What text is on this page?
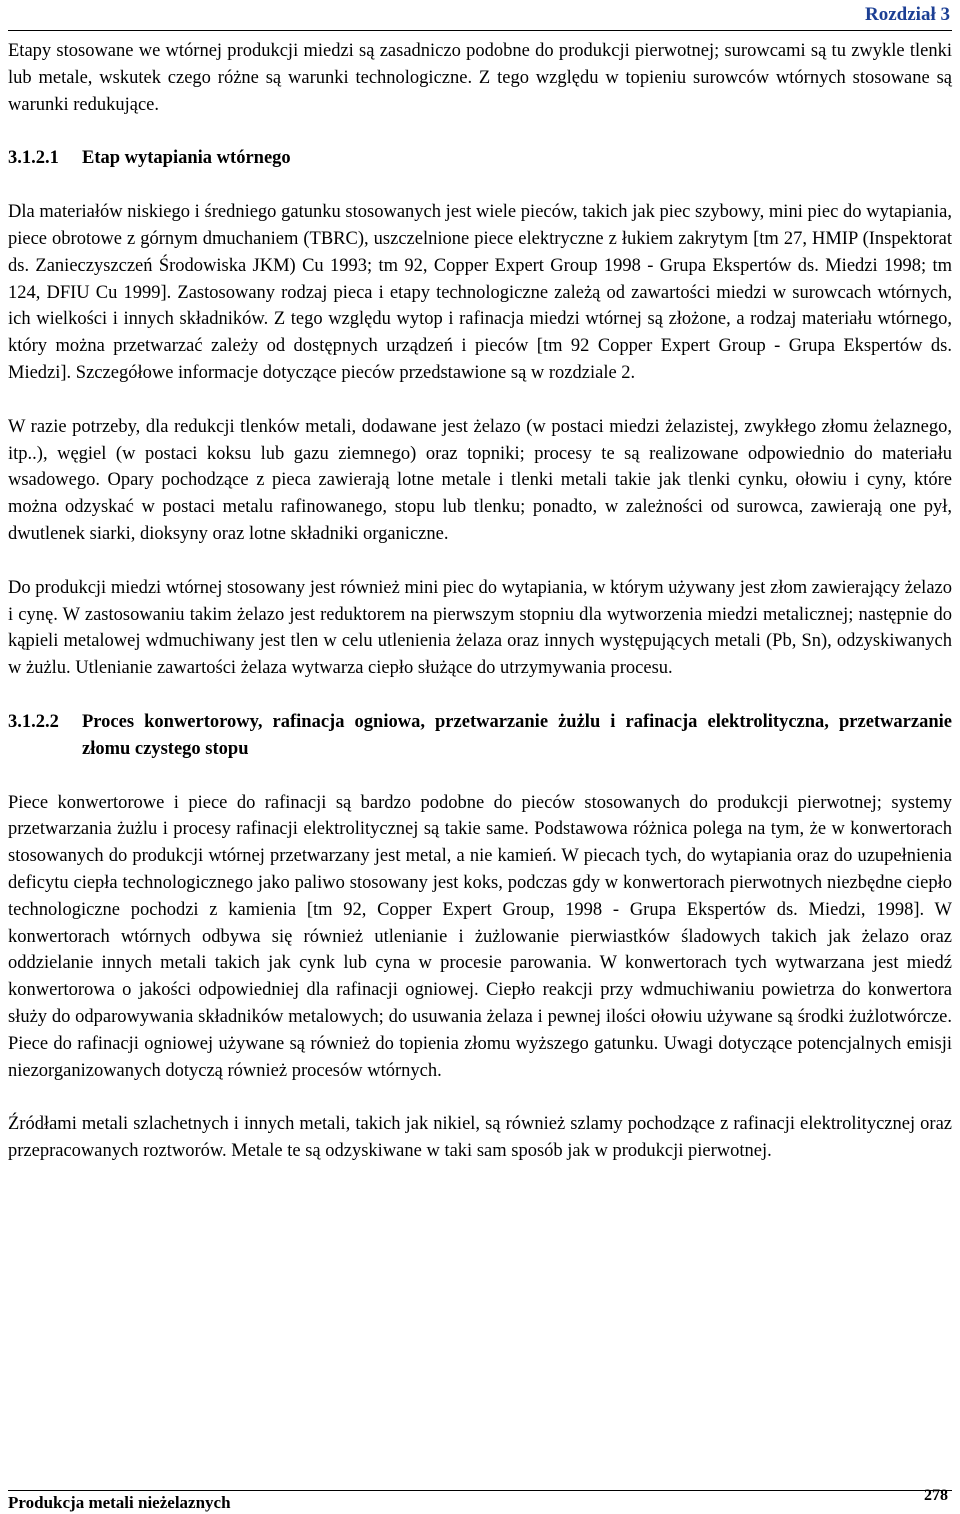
Rozdział 3

Etapy stosowane we wtórnej produkcji miedzi są zasadniczo podobne do produkcji pierwotnej; surowcami są tu zwykle tlenki lub metale, wskutek czego różne są warunki technologiczne. Z tego względu w topieniu surowców wtórnych stosowane są warunki redukujące.

3.1.2.1	Etap wytapiania wtórnego

Dla materiałów niskiego i średniego gatunku stosowanych jest wiele pieców, takich jak piec szybowy, mini piec do wytapiania, piece obrotowe z górnym dmuchaniem (TBRC), uszczelnione piece elektryczne z łukiem zakrytym [tm 27, HMIP (Inspektorat ds. Zanieczyszczeń Środowiska JKM) Cu 1993; tm 92, Copper Expert Group 1998 - Grupa Ekspertów ds. Miedzi 1998; tm 124, DFIU Cu 1999]. Zastosowany rodzaj pieca i etapy technologiczne zależą od zawartości miedzi w surowcach wtórnych, ich wielkości i innych składników. Z tego względu wytop i rafinacja miedzi wtórnej są złożone, a rodzaj materiału wtórnego, który można przetwarzać zależy od dostępnych urządzeń i pieców [tm 92 Copper Expert Group - Grupa Ekspertów ds. Miedzi]. Szczegółowe informacje dotyczące pieców przedstawione są w rozdziale 2.

W razie potrzeby, dla redukcji tlenków metali, dodawane jest żelazo (w postaci miedzi żelazistej, zwykłego złomu żelaznego, itp..), węgiel (w postaci koksu lub gazu ziemnego) oraz topniki; procesy te są realizowane odpowiednio do materiału wsadowego. Opary pochodzące z pieca zawierają lotne metale i tlenki metali takie jak tlenki cynku, ołowiu i cyny, które można odzyskać w postaci metalu rafinowanego, stopu lub tlenku; ponadto, w zależności od surowca, zawierają one pył, dwutlenek siarki, dioksyny oraz lotne składniki organiczne.

Do produkcji miedzi wtórnej stosowany jest również mini piec do wytapiania, w którym używany jest złom zawierający żelazo i cynę. W zastosowaniu takim żelazo jest reduktorem na pierwszym stopniu dla wytworzenia miedzi metalicznej; następnie do kąpieli metalowej wdmuchiwany jest tlen w celu utlenienia żelaza oraz innych występujących metali (Pb, Sn), odzyskiwanych w żużlu. Utlenianie zawartości żelaza wytwarza ciepło służące do utrzymywania procesu.

3.1.2.2	Proces konwertorowy, rafinacja ogniowa, przetwarzanie żużlu i rafinacja elektrolityczna, przetwarzanie złomu czystego stopu

Piece konwertorowe i piece do rafinacji są bardzo podobne do pieców stosowanych do produkcji pierwotnej; systemy przetwarzania żużlu i procesy rafinacji elektrolitycznej są takie same. Podstawowa różnica polega na tym, że w konwertorach stosowanych do produkcji wtórnej przetwarzany jest metal, a nie kamień. W piecach tych, do wytapiania oraz do uzupełnienia deficytu ciepła technologicznego jako paliwo stosowany jest koks, podczas gdy w konwertorach pierwotnych niezbędne ciepło technologiczne pochodzi z kamienia [tm 92, Copper Expert Group, 1998 - Grupa Ekspertów ds. Miedzi, 1998]. W konwertorach wtórnych odbywa się również utlenianie i żużlowanie pierwiastków śladowych takich jak żelazo oraz oddzielanie innych metali takich jak cynk lub cyna w procesie parowania. W konwertorach tych wytwarzana jest miedź konwertorowa o jakości odpowiedniej dla rafinacji ogniowej. Ciepło reakcji przy wdmuchiwaniu powietrza do konwertora służy do odparowywania składników metalowych; do usuwania żelaza i pewnej ilości ołowiu używane są środki żużlotwórcze. Piece do rafinacji ogniowej używane są również do topienia złomu wyższego gatunku. Uwagi dotyczące potencjalnych emisji niezorganizowanych dotyczą również procesów wtórnych.

Źródłami metali szlachetnych i innych metali, takich jak nikiel, są również szlamy pochodzące z rafinacji elektrolitycznej oraz przepracowanych roztworów. Metale te są odzyskiwane w taki sam sposób jak w produkcji pierwotnej.

Produkcja metali nieżelaznych	278
